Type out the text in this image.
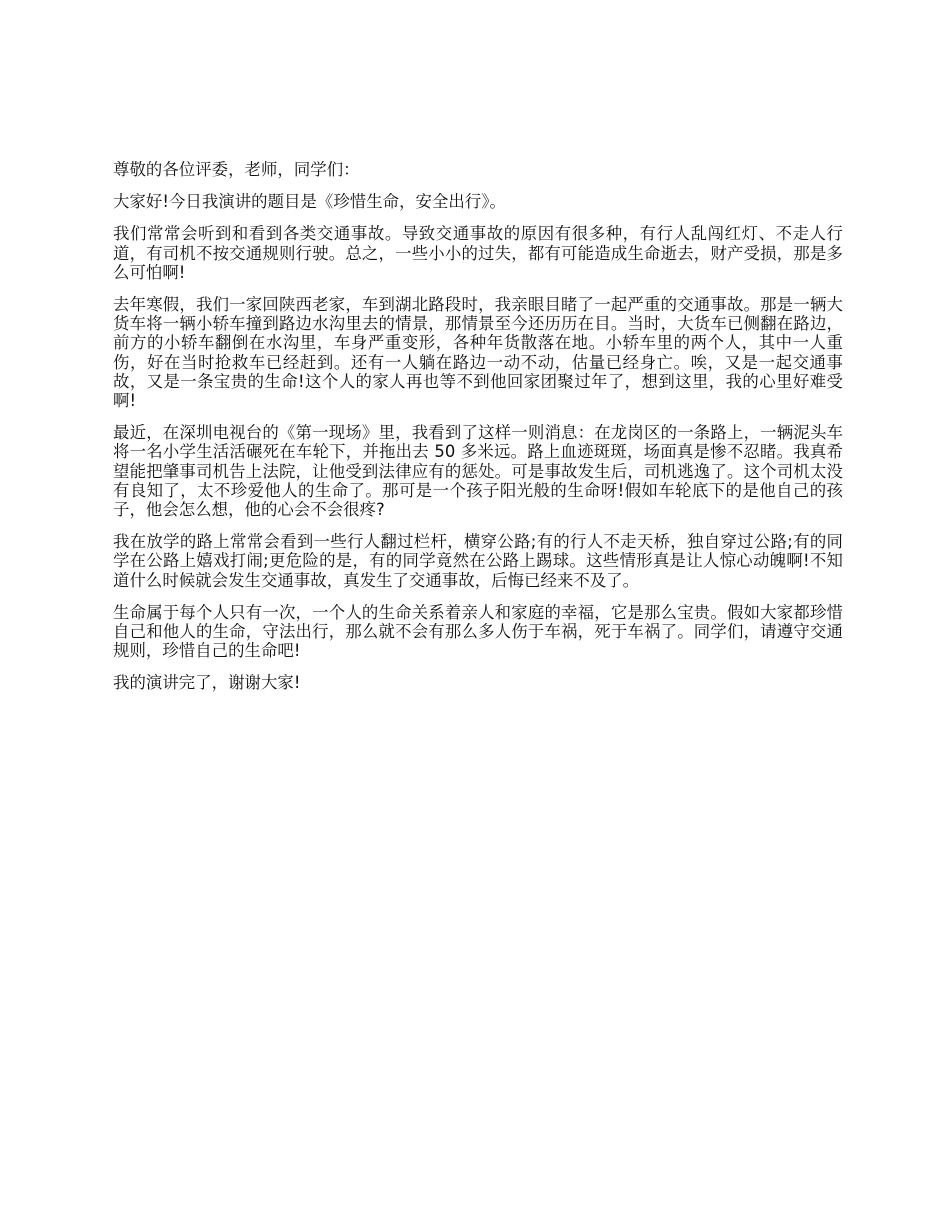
尊敬的各位评委，老师，同学们：

大家好!今日我演讲的题目是《珍惜生命，安全出行》。

我们常常会听到和看到各类交通事故。导致交通事故的原因有很多种，有行人乱闯红灯、不走人行道，有司机不按交通规则行驶。总之，一些小小的过失，都有可能造成生命逝去，财产受损，那是多么可怕啊!

去年寒假，我们一家回陕西老家，车到湖北路段时，我亲眼目睹了一起严重的交通事故。那是一辆大货车将一辆小轿车撞到路边水沟里去的情景，那情景至今还历历在目。当时，大货车已侧翻在路边，前方的小轿车翻倒在水沟里，车身严重变形，各种年货散落在地。小轿车里的两个人，其中一人重伤，好在当时抢救车已经赶到。还有一人躺在路边一动不动，估量已经身亡。唉，又是一起交通事故，又是一条宝贵的生命!这个人的家人再也等不到他回家团聚过年了，想到这里，我的心里好难受啊!

最近，在深圳电视台的《第一现场》里，我看到了这样一则消息：在龙岗区的一条路上，一辆泥头车将一名小学生活活碾死在车轮下，并拖出去 50 多米远。路上血迹斑斑，场面真是惨不忍睹。我真希望能把肇事司机告上法院，让他受到法律应有的惩处。可是事故发生后，司机逃逸了。这个司机太没有良知了，太不珍爱他人的生命了。那可是一个孩子阳光般的生命呀!假如车轮底下的是他自己的孩子，他会怎么想，他的心会不会很疼?

我在放学的路上常常会看到一些行人翻过栏杆，横穿公路;有的行人不走天桥，独自穿过公路;有的同学在公路上嬉戏打闹;更危险的是，有的同学竟然在公路上踢球。这些情形真是让人惊心动魄啊!不知道什么时候就会发生交通事故，真发生了交通事故，后悔已经来不及了。

生命属于每个人只有一次，一个人的生命关系着亲人和家庭的幸福，它是那么宝贵。假如大家都珍惜自己和他人的生命，守法出行，那么就不会有那么多人伤于车祸，死于车祸了。同学们，请遵守交通规则，珍惜自己的生命吧!

我的演讲完了，谢谢大家!
